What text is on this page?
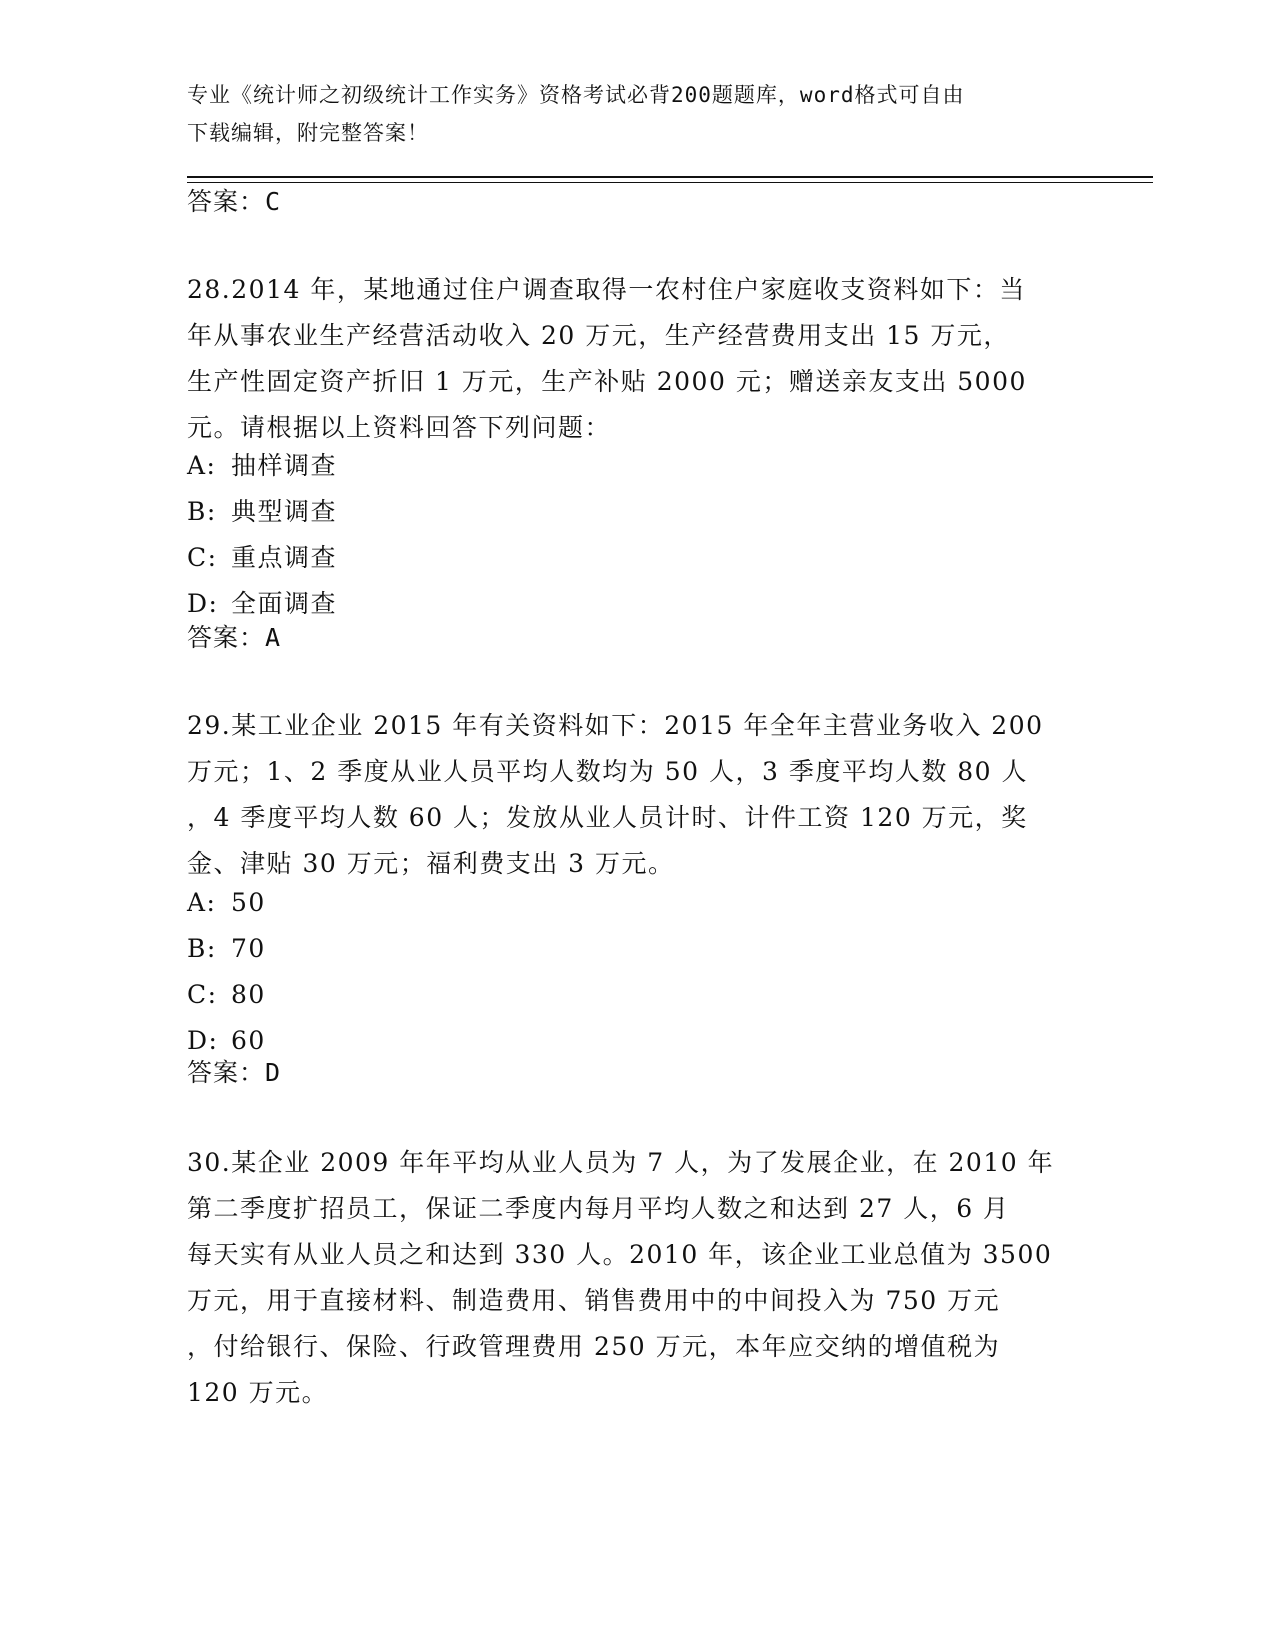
专业《统计师之初级统计工作实务》资格考试必背200题题库，word格式可自由
下载编辑，附完整答案！
答案：C

28.2014 年，某地通过住户调查取得一农村住户家庭收支资料如下：当

年从事农业生产经营活动收入 20 万元，生产经营费用支出 15 万元，

生产性固定资产折旧 1 万元，生产补贴 2000 元；赠送亲友支出 5000

元。请根据以上资料回答下列问题：

A: 抽样调查
B: 典型调查
C: 重点调查
D: 全面调查
答案：A

29.某工业企业 2015 年有关资料如下：2015 年全年主营业务收入 200

万元；1、2 季度从业人员平均人数均为 50 人，3 季度平均人数 80 人

，4 季度平均人数 60 人；发放从业人员计时、计件工资 120 万元，奖

金、津贴 30 万元；福利费支出 3 万元。

A: 50
B: 70
C: 80
D: 60
答案：D

30.某企业 2009 年年平均从业人员为 7 人，为了发展企业，在 2010 年

第二季度扩招员工，保证二季度内每月平均人数之和达到 27 人，6 月

每天实有从业人员之和达到 330 人。2010 年，该企业工业总值为 3500

万元，用于直接材料、制造费用、销售费用中的中间投入为 750 万元

，付给银行、保险、行政管理费用 250 万元，本年应交纳的增值税为

120 万元。
